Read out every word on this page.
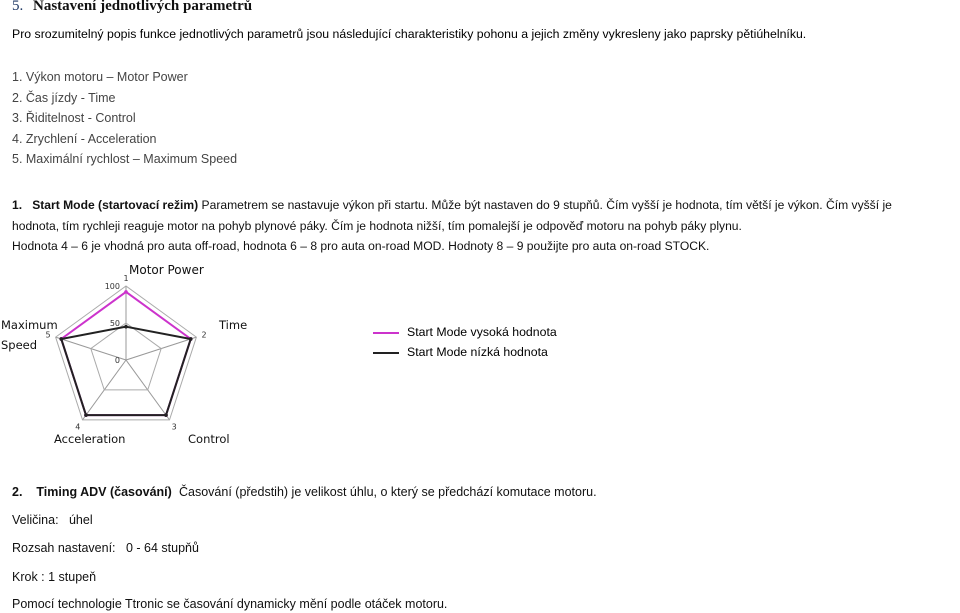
5. Nastavení jednotlivých parametrů
Pro srozumitelný popis funkce jednotlivých parametrů jsou následující charakteristiky pohonu a jejich změny vykresleny jako paprsky pětiúhelníku.
1. Výkon motoru – Motor Power
2. Čas jízdy - Time
3. Řiditelnost - Control
4. Zrychlení - Acceleration
5. Maximální rychlost – Maximum Speed
1. Start Mode (startovací režim) Parametrem se nastavuje výkon při startu. Může být nastaven do 9 stupňů. Čím vyšší je hodnota, tím větší je výkon. Čím vyšší je
hodnota, tím rychleji reaguje motor na pohyb plynové páky. Čím je hodnota nižší, tím pomalejší je odpověď motoru na pohyb páky plynu.
Hodnota 4 – 6 je vhodná pro auta off-road, hodnota 6 – 8 pro auta on-road MOD. Hodnoty 8 – 9 použijte pro auta on-road STOCK.
Motor Power
Time
Maximum
Speed
Acceleration	Control
100
50
0
1
2
3
4
5	Start Mode vysoká hodnota
Start Mode nízká hodnota
2. Timing ADV (časování) Časování (předstih) je velikost úhlu, o který se předchází komutace motoru.
Veličina:   úhel
Rozsah nastavení:   0 - 64 stupňů
Krok : 1 stupeň
Pomocí technologie Ttronic se časování dynamicky mění podle otáček motoru.
